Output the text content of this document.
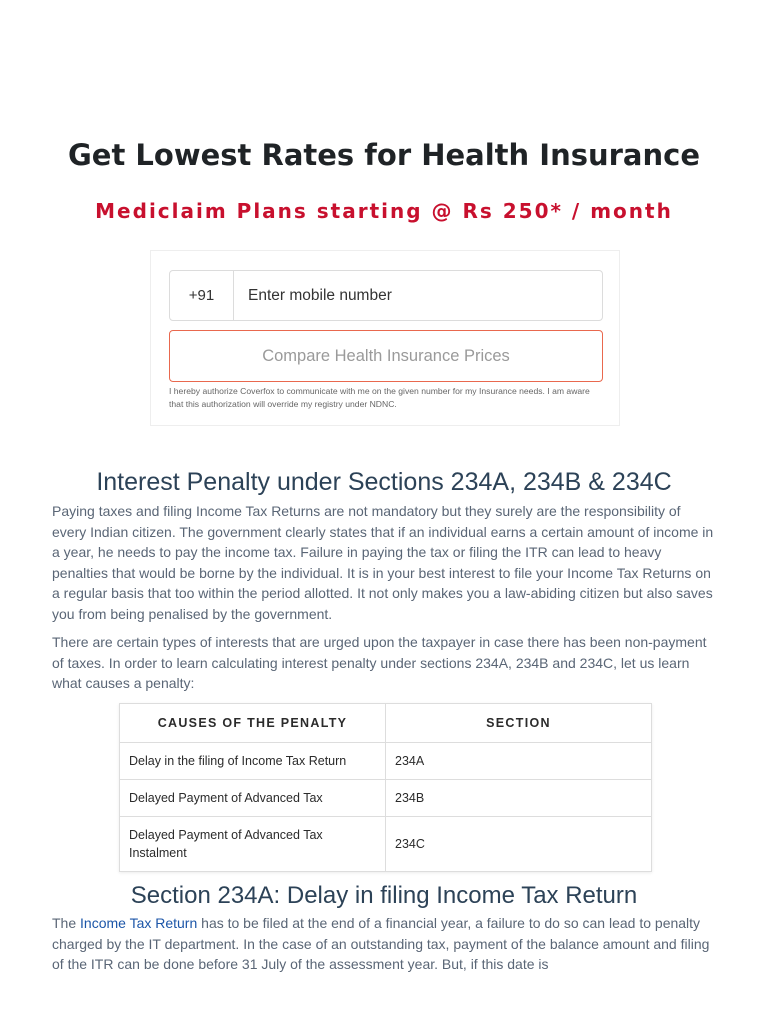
Get Lowest Rates for Health Insurance
Mediclaim Plans starting @ Rs 250* / month
+91
Enter mobile number
Compare Health Insurance Prices
I hereby authorize Coverfox to communicate with me on the given number for my Insurance needs. I am aware that this authorization will override my registry under NDNC.
Interest Penalty under Sections 234A, 234B & 234C

Paying taxes and filing Income Tax Returns are not mandatory but they surely are the responsibility of every Indian citizen. The government clearly states that if an individual earns a certain amount of income in a year, he needs to pay the income tax. Failure in paying the tax or filing the ITR can lead to heavy penalties that would be borne by the individual. It is in your best interest to file your Income Tax Returns on a regular basis that too within the period allotted. It not only makes you a law-abiding citizen but also saves you from being penalised by the government.

There are certain types of interests that are urged upon the taxpayer in case there has been non-payment of taxes. In order to learn calculating interest penalty under sections 234A, 234B and 234C, let us learn what causes a penalty:

CAUSES OF THE PENALTY	SECTION
Delay in the filing of Income Tax Return	234A
Delayed Payment of Advanced Tax	234B
Delayed Payment of Advanced Tax Instalment	234C
Section 234A: Delay in filing Income Tax Return

The Income Tax Return has to be filed at the end of a financial year, a failure to do so can lead to penalty charged by the IT department. In the case of an outstanding tax, payment of the balance amount and filing of the ITR can be done before 31 July of the assessment year. But, if this date is
